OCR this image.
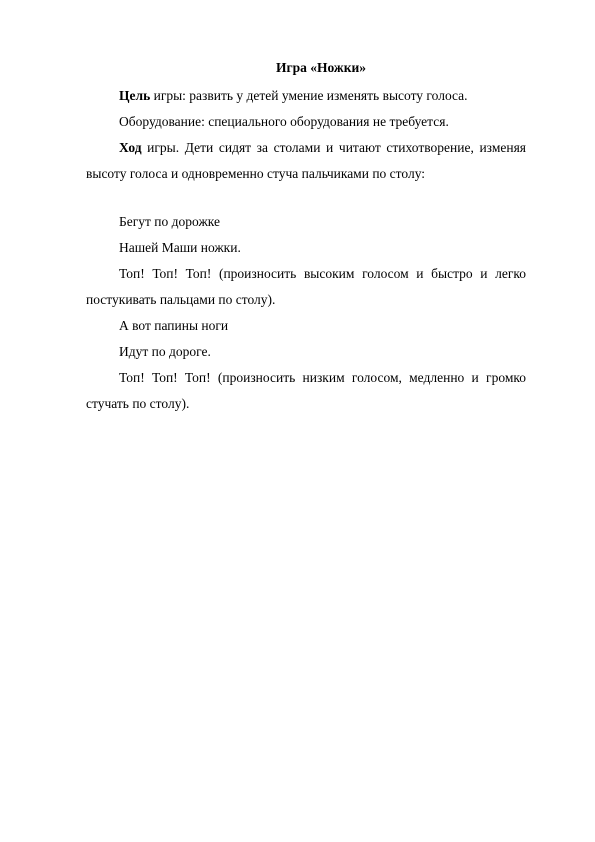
Игра «Ножки»

Цель игры: развить у детей умение изменять высоту голоса.

Оборудование: специального оборудования не требуется.

Ход игры. Дети сидят за столами и читают стихотворение, изменяя высоту голоса и одновременно стуча пальчиками по столу:

Бегут по дорожке

Нашей Маши ножки.

Топ! Топ! Топ! (произносить высоким голосом и быстро и легко постукивать пальцами по столу).

А вот папины ноги

Идут по дороге.

Топ! Топ! Топ! (произносить низким голосом, медленно и громко стучать по столу).
